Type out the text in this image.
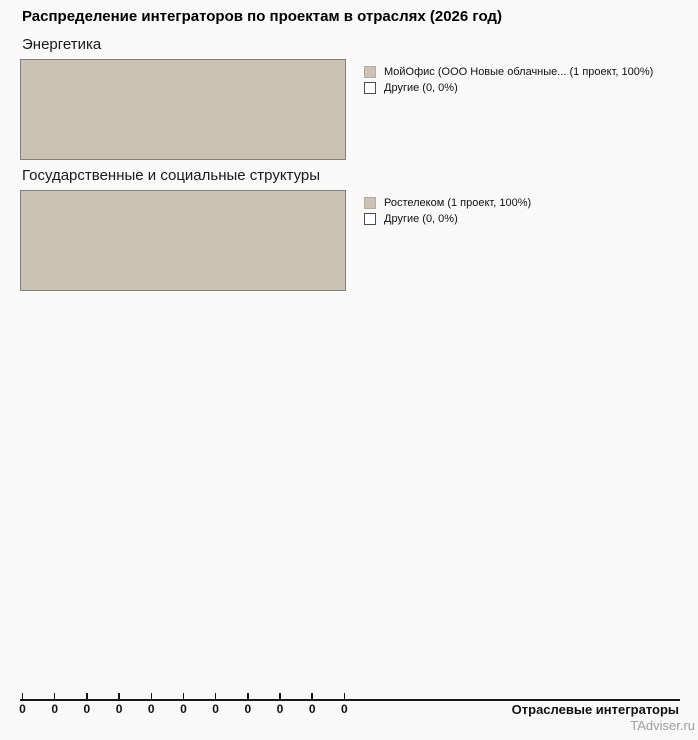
Распределение интеграторов по проектам в отраслях (2026 год)
Энергетика
МойОфис (ООО Новые облачные... (1 проект, 100%)
Другие (0, 0%)
Государственные и социальные структуры
Ростелеком (1 проект, 100%)
Другие (0, 0%)
0 0 0 0 0 0 0 0 0 0 0	Отраслевые интеграторы
TAdviser.ru
